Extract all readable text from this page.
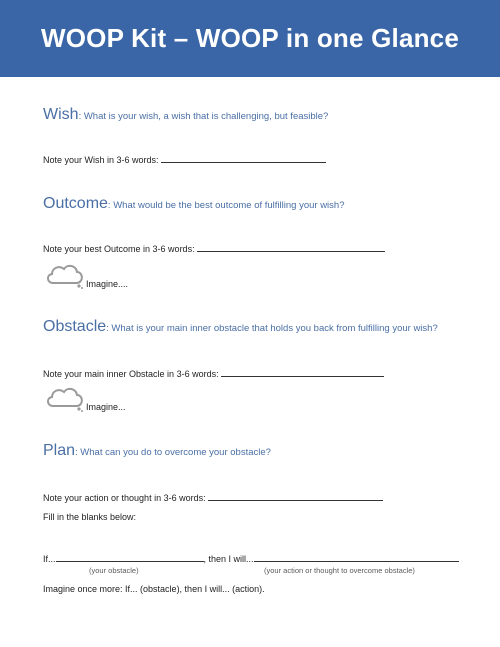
WOOP Kit – WOOP in one Glance
Wish: What is your wish, a wish that is challenging, but feasible?
Note your Wish in 3-6 words:
Outcome: What would be the best outcome of fulfilling your wish?
Note your best Outcome in 3-6 words:
Imagine....
Obstacle: What is your main inner obstacle that holds you back from fulfilling your wish?
Note your main inner Obstacle in 3-6 words:
Imagine...
Plan: What can you do to overcome your obstacle?
Note your action or thought in 3-6 words:
Fill in the blanks below:
If...	, then I will...
(your obstacle)	(your action or thought to overcome obstacle)
Imagine once more: If... (obstacle), then I will... (action).
